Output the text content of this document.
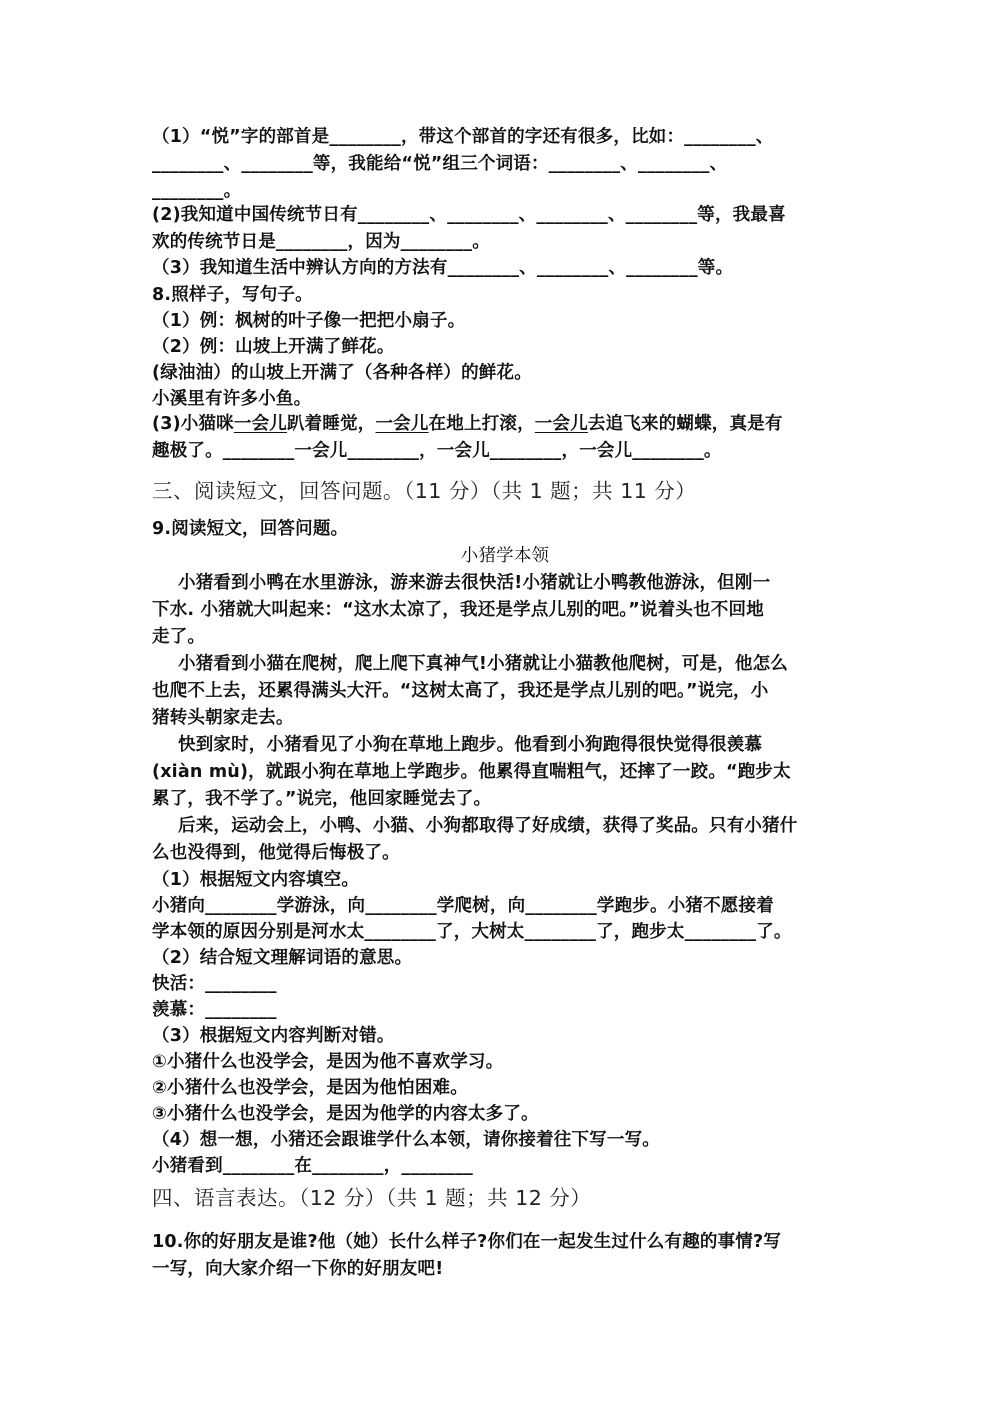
（1）“悦”字的部首是________，带这个部首的字还有很多，比如：________、
________、________等，我能给“悦”组三个词语：________、________、
________。
(2)我知道中国传统节日有________、________、________、________等，我最喜
欢的传统节日是________，因为________。
（3）我知道生活中辨认方向的方法有________、________、________等。
8.照样子，写句子。
（1）例：枫树的叶子像一把把小扇子。
（2）例：山坡上开满了鲜花。
(绿油油）的山坡上开满了（各种各样）的鲜花。
小溪里有许多小鱼。
(3)小猫咪一会儿趴着睡觉，一会儿在地上打滚，一会儿去追飞来的蝴蝶，真是有
趣极了。________一会儿________，一会儿________，一会儿________。
三、阅读短文，回答问题。（11 分）（共 1 题；共 11 分）
9.阅读短文，回答问题。
小猪学本领
小猪看到小鸭在水里游泳，游来游去很快活!小猪就让小鸭教他游泳，但刚一
下水. 小猪就大叫起来：“这水太凉了，我还是学点儿别的吧。”说着头也不回地
走了。
小猪看到小猫在爬树，爬上爬下真神气!小猪就让小猫教他爬树，可是，他怎么
也爬不上去，还累得满头大汗。“这树太高了，我还是学点儿别的吧。”说完，小
猪转头朝家走去。
快到家时，小猪看见了小狗在草地上跑步。他看到小狗跑得很快觉得很羡慕
(xiàn mù)，就跟小狗在草地上学跑步。他累得直喘粗气，还摔了一跤。“跑步太
累了，我不学了。”说完，他回家睡觉去了。
后来，运动会上，小鸭、小猫、小狗都取得了好成绩，获得了奖品。只有小猪什
么也没得到，他觉得后悔极了。
（1）根据短文内容填空。
小猪向________学游泳，向________学爬树，向________学跑步。小猪不愿接着
学本领的原因分别是河水太________了，大树太________了，跑步太________了。
（2）结合短文理解词语的意思。
快活：________
羡慕：________
（3）根据短文内容判断对错。
①小猪什么也没学会，是因为他不喜欢学习。
②小猪什么也没学会，是因为他怕困难。
③小猪什么也没学会，是因为他学的内容太多了。
（4）想一想，小猪还会跟谁学什么本领，请你接着往下写一写。
小猪看到________在________，________
四、语言表达。（12 分）（共 1 题；共 12 分）
10.你的好朋友是谁?他（她）长什么样子?你们在一起发生过什么有趣的事情?写
一写，向大家介绍一下你的好朋友吧!
